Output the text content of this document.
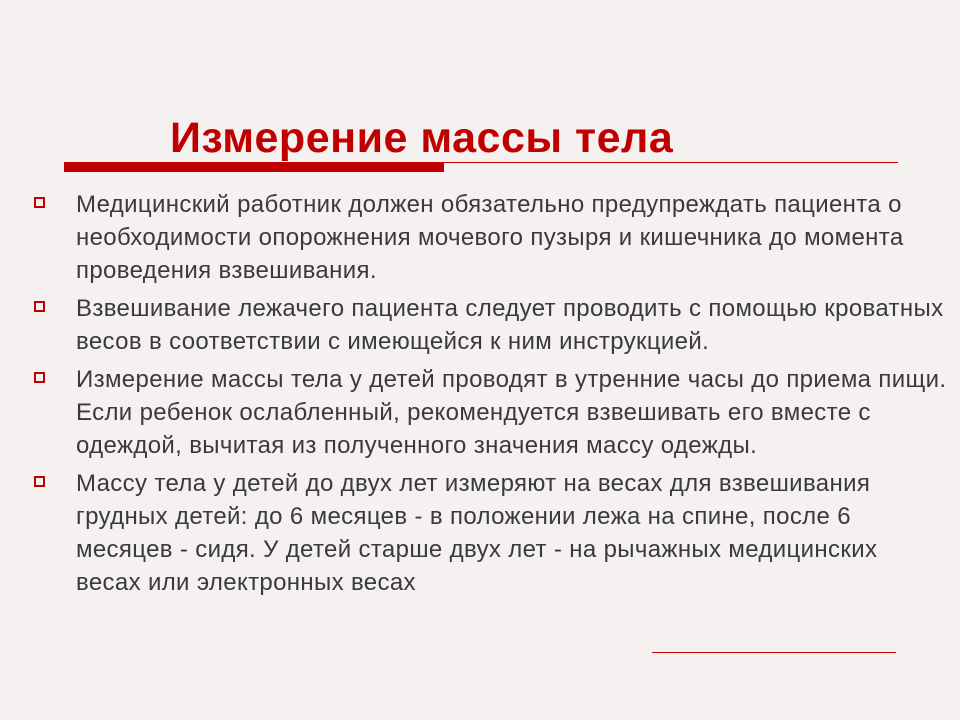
Измерение массы тела
Медицинский работник должен обязательно предупреждать пациента о необходимости опорожнения мочевого пузыря и кишечника до момента проведения взвешивания.
Взвешивание лежачего пациента следует проводить с помощью кроватных весов в соответствии с имеющейся к ним инструкцией.
Измерение массы тела у детей проводят в утренние часы до приема пищи. Если ребенок ослабленный, рекомендуется взвешивать его вместе с одеждой, вычитая из полученного значения массу одежды.
Массу тела у детей до двух лет измеряют на весах для взвешивания грудных детей: до 6 месяцев - в положении лежа на спине, после 6 месяцев - сидя. У детей старше двух лет - на рычажных медицинских весах или электронных весах
